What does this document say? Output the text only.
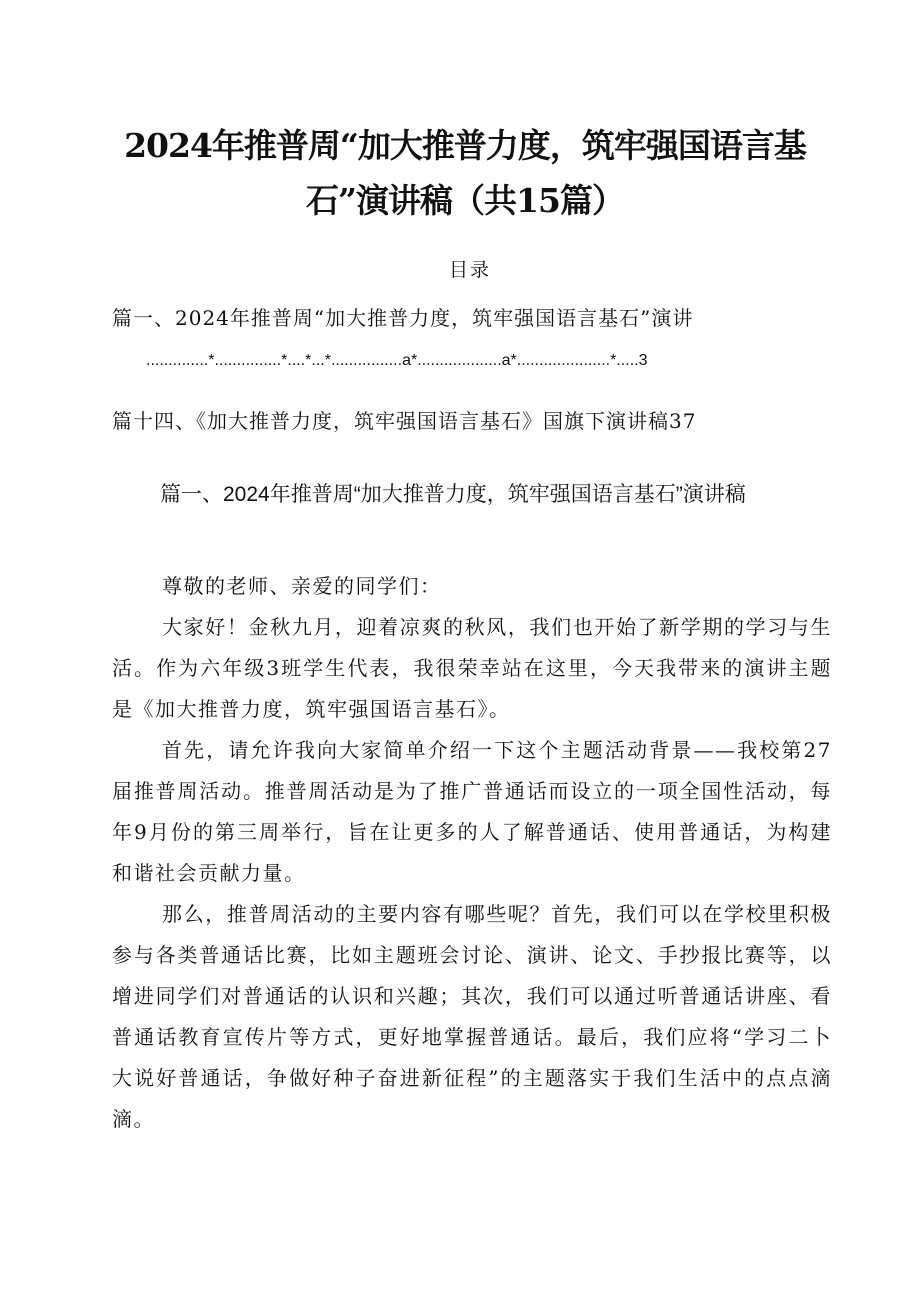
2024年推普周“加大推普力度，筑牢强国语言基石”演讲稿（共15篇）
目录
篇一、2024年推普周“加大推普力度，筑牢强国语言基石”演讲
..............*...............*....*...*................a*...................a*.....................*.....3
篇十四、《加大推普力度，筑牢强国语言基石》国旗下演讲稿37
篇一、2024年推普周“加大推普力度，筑牢强国语言基石”演讲稿

尊敬的老师、亲爱的同学们：

大家好！金秋九月，迎着凉爽的秋风，我们也开始了新学期的学习与生活。作为六年级3班学生代表，我很荣幸站在这里，今天我带来的演讲主题是《加大推普力度，筑牢强国语言基石》。

首先，请允许我向大家简单介绍一下这个主题活动背景——我校第27届推普周活动。推普周活动是为了推广普通话而设立的一项全国性活动，每年9月份的第三周举行，旨在让更多的人了解普通话、使用普通话，为构建和谐社会贡献力量。

那么，推普周活动的主要内容有哪些呢？首先，我们可以在学校里积极参与各类普通话比赛，比如主题班会讨论、演讲、论文、手抄报比赛等，以增进同学们对普通话的认识和兴趣；其次，我们可以通过听普通话讲座、看普通话教育宣传片等方式，更好地掌握普通话。最后，我们应将“学习二卜大说好普通话，争做好种子奋进新征程”的主题落实于我们生活中的点点滴滴。
